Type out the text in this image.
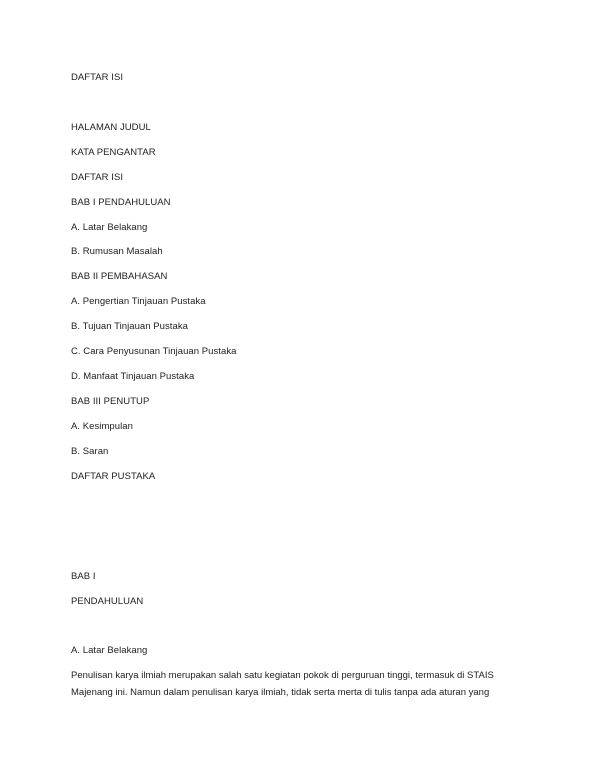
DAFTAR ISI
HALAMAN JUDUL
KATA PENGANTAR
DAFTAR ISI
BAB I PENDAHULUAN
A. Latar Belakang
B. Rumusan Masalah
BAB II PEMBAHASAN
A. Pengertian Tinjauan Pustaka
B. Tujuan Tinjauan Pustaka
C. Cara Penyusunan Tinjauan Pustaka
D. Manfaat Tinjauan Pustaka
BAB III PENUTUP
A. Kesimpulan
B. Saran
DAFTAR PUSTAKA
BAB I
PENDAHULUAN
A. Latar Belakang
Penulisan karya ilmiah merupakan salah satu kegiatan pokok di perguruan tinggi, termasuk di STAIS Majenang ini. Namun dalam penulisan karya ilmiah, tidak serta merta di tulis tanpa ada aturan yang
